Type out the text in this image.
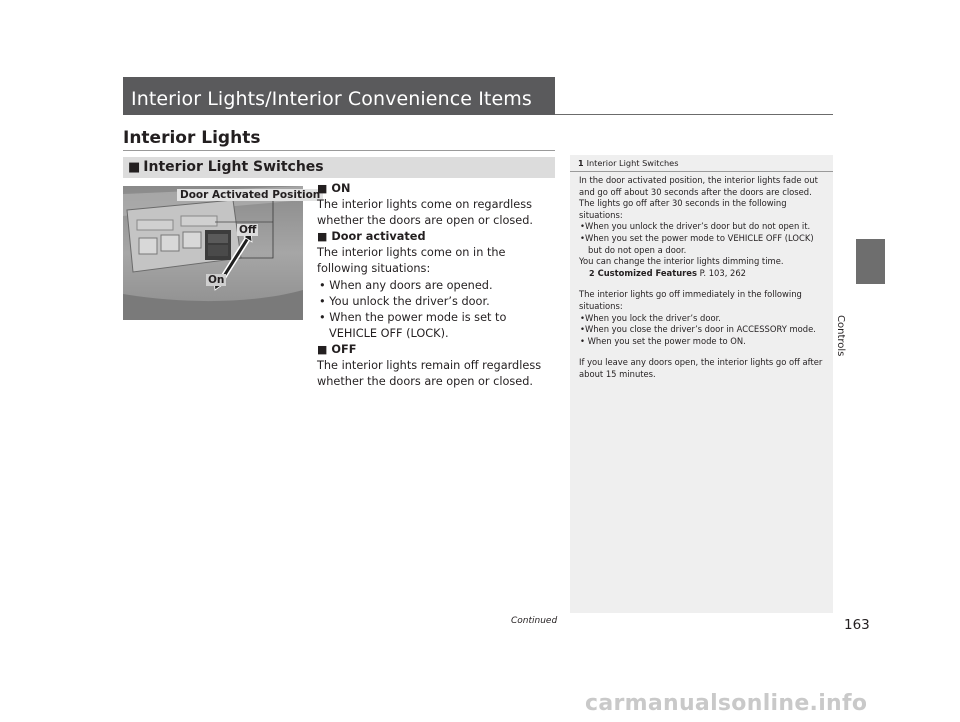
Interior Lights/Interior Convenience Items
Interior Lights
■ Interior Light Switches
Controls
Door Activated Position
Off
On
■ ON
The interior lights come on regardless whether the doors are open or closed.
■ Door activated
The interior lights come on in the following situations:
• When any doors are opened.
• You unlock the driver’s door.
• When the power mode is set to VEHICLE OFF (LOCK).
■ OFF
The interior lights remain off regardless whether the doors are open or closed.
1 Interior Light Switches

In the door activated position, the interior lights fade out and go off about 30 seconds after the doors are closed.

The lights go off after 30 seconds in the following situations:

•When you unlock the driver’s door but do not open it.

•When you set the power mode to VEHICLE OFF (LOCK) but do not open a door.

You can change the interior lights dimming time.

2 Customized Features P. 103, 262

The interior lights go off immediately in the following situations:

•When you lock the driver’s door.

•When you close the driver’s door in ACCESSORY mode.

• When you set the power mode to ON.

If you leave any doors open, the interior lights go off after about 15 minutes.

Continued	163
carmanualsonline.info
